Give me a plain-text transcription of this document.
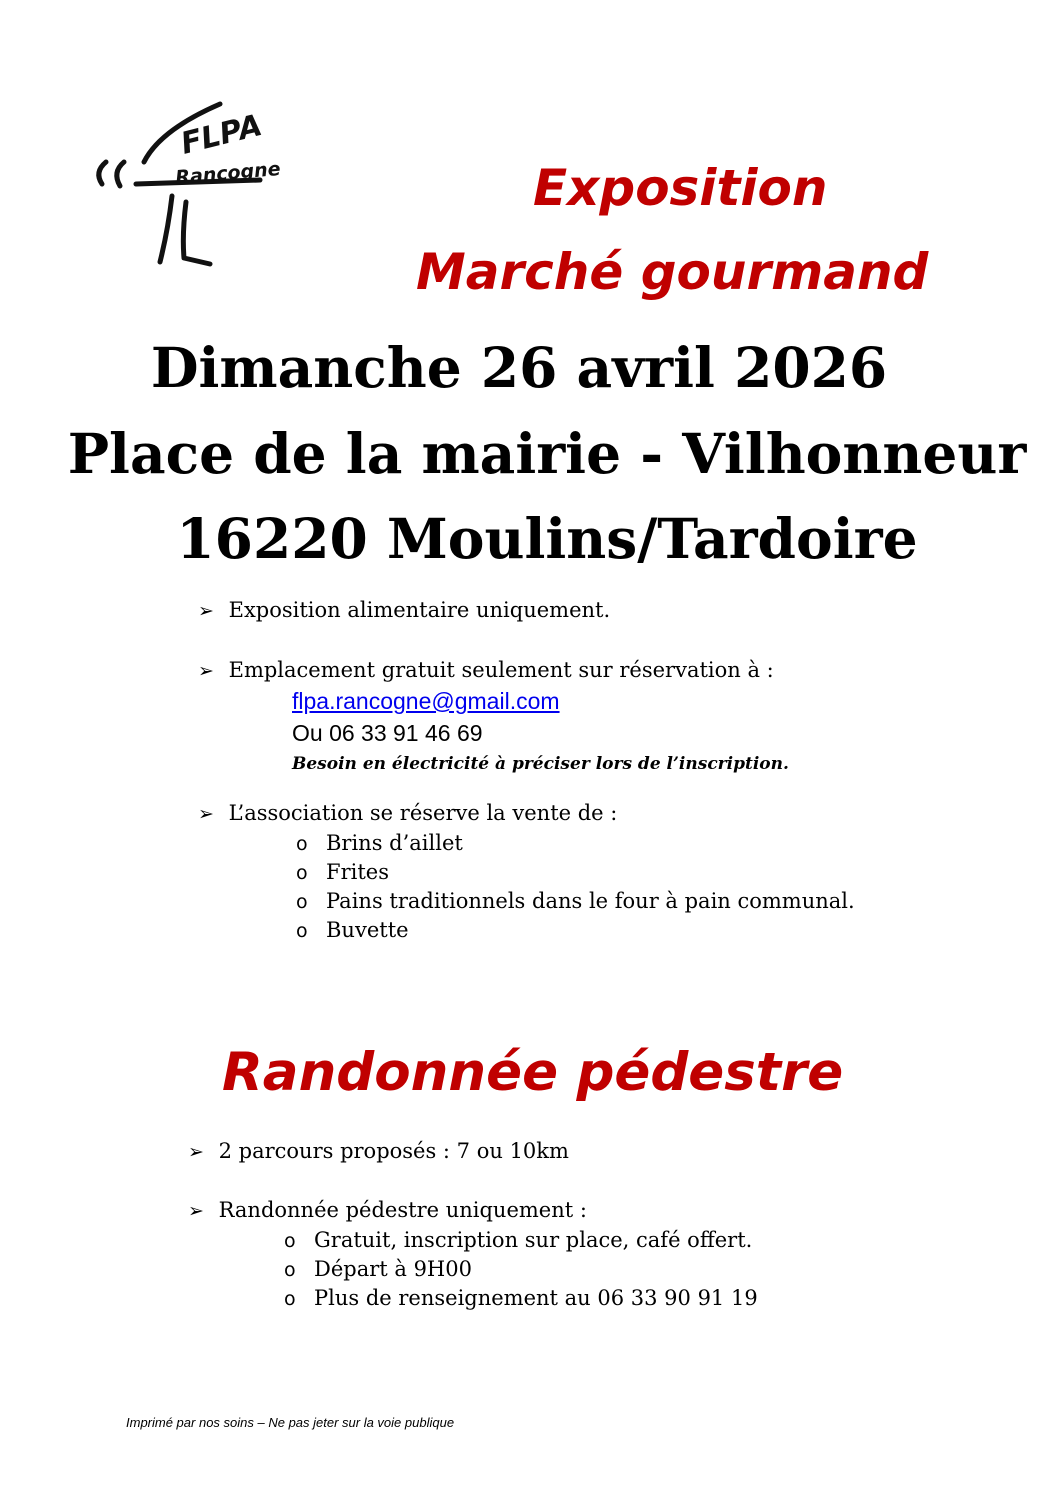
FLPA
Rancogne	Exposition
Marché gourmand
Dimanche 26 avril 2026
Place de la mairie - Vilhonneur
16220 Moulins/Tardoire
➢ Exposition alimentaire uniquement.
➢ Emplacement gratuit seulement sur réservation à :
flpa.rancogne@gmail.com
Ou 06 33 91 46 69
Besoin en électricité à préciser lors de l’inscription.
➢ L’association se réserve la vente de :
o Brins d’aillet
o Frites
o Pains traditionnels dans le four à pain communal.
o Buvette
Randonnée pédestre
➢ 2 parcours proposés : 7 ou 10km
➢ Randonnée pédestre uniquement :
o Gratuit, inscription sur place, café offert.
o Départ à 9H00
o Plus de renseignement au 06 33 90 91 19
Imprimé par nos soins – Ne pas jeter sur la voie publique
